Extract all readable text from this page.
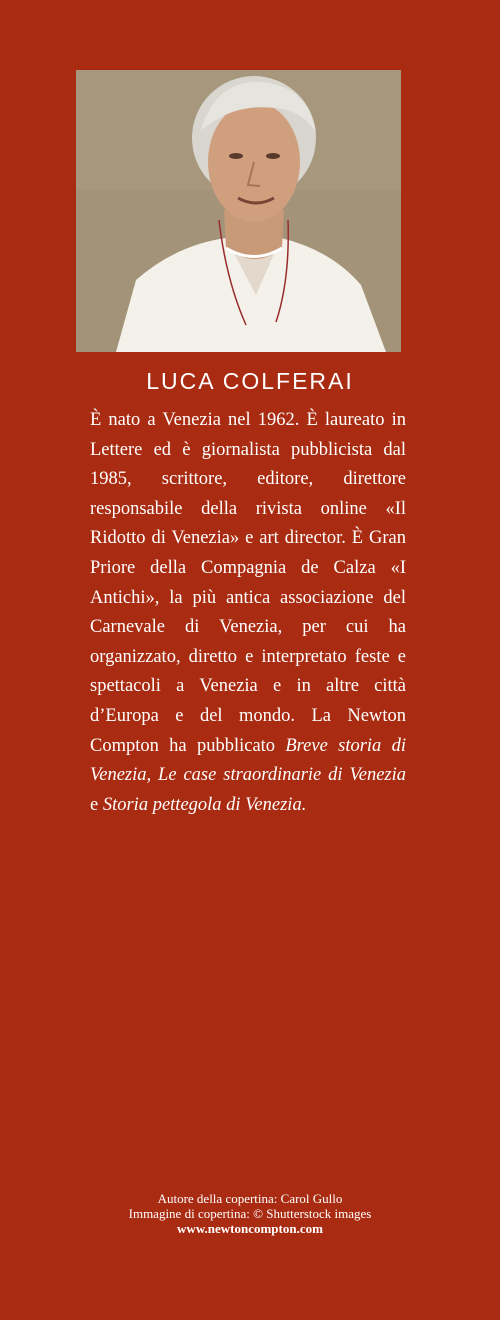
LUCA COLFERAI
È nato a Venezia nel 1962. È laureato in Lettere ed è giornalista pubblicista dal 1985, scrittore, editore, direttore responsabile della rivista online «Il Ridotto di Venezia» e art director. È Gran Priore della Compagnia de Calza «I Antichi», la più antica associazione del Carnevale di Venezia, per cui ha organizzato, diretto e interpretato feste e spettacoli a Venezia e in altre città d’Europa e del mondo. La Newton Compton ha pubblicato Breve storia di Venezia, Le case straordinarie di Venezia e Storia pettegola di Venezia.
Autore della copertina: Carol Gullo
Immagine di copertina: © Shutterstock images
www.newtoncompton.com
